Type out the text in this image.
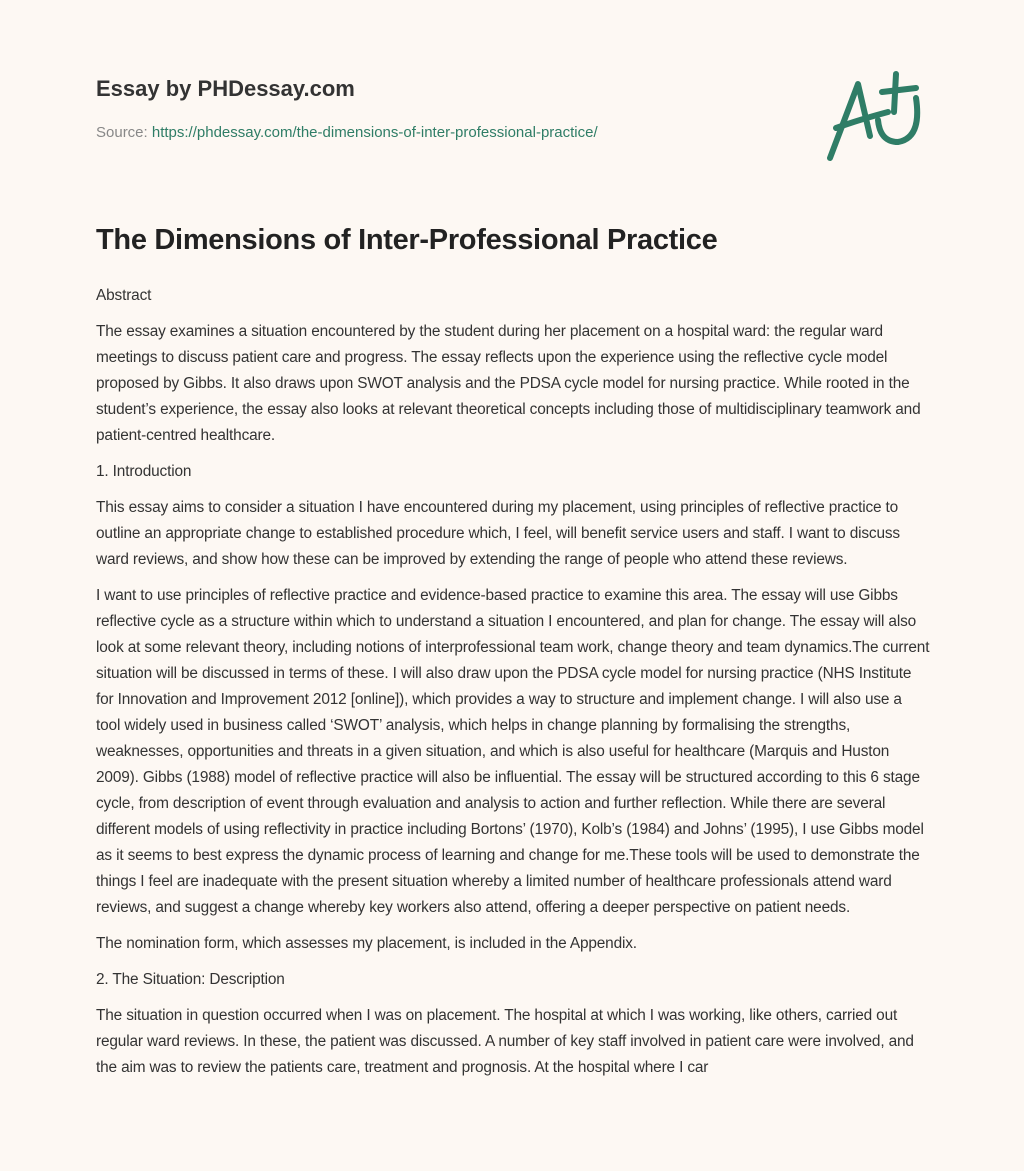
Essay by PHDessay.com
Source: https://phdessay.com/the-dimensions-of-inter-professional-practice/
The Dimensions of Inter-Professional Practice

Abstract

The essay examines a situation encountered by the student during her placement on a hospital ward: the regular ward meetings to discuss patient care and progress. The essay reflects upon the experience using the reflective cycle model proposed by Gibbs. It also draws upon SWOT analysis and the PDSA cycle model for nursing practice. While rooted in the student’s experience, the essay also looks at relevant theoretical concepts including those of multidisciplinary teamwork and patient-centred healthcare.

1. Introduction

This essay aims to consider a situation I have encountered during my placement, using principles of reflective practice to outline an appropriate change to established procedure which, I feel, will benefit service users and staff. I want to discuss ward reviews, and show how these can be improved by extending the range of people who attend these reviews.

I want to use principles of reflective practice and evidence-based practice to examine this area. The essay will use Gibbs reflective cycle as a structure within which to understand a situation I encountered, and plan for change. The essay will also look at some relevant theory, including notions of interprofessional team work, change theory and team dynamics.The current situation will be discussed in terms of these. I will also draw upon the PDSA cycle model for nursing practice (NHS Institute for Innovation and Improvement 2012 [online]), which provides a way to structure and implement change. I will also use a tool widely used in business called ‘SWOT’ analysis, which helps in change planning by formalising the strengths, weaknesses, opportunities and threats in a given situation, and which is also useful for healthcare (Marquis and Huston 2009). Gibbs (1988) model of reflective practice will also be influential. The essay will be structured according to this 6 stage cycle, from description of event through evaluation and analysis to action and further reflection. While there are several different models of using reflectivity in practice including Bortons’ (1970), Kolb’s (1984) and Johns’ (1995), I use Gibbs model as it seems to best express the dynamic process of learning and change for me.These tools will be used to demonstrate the things I feel are inadequate with the present situation whereby a limited number of healthcare professionals attend ward reviews, and suggest a change whereby key workers also attend, offering a deeper perspective on patient needs.

The nomination form, which assesses my placement, is included in the Appendix.

2. The Situation: Description

The situation in question occurred when I was on placement. The hospital at which I was working, like others, carried out regular ward reviews. In these, the patient was discussed. A number of key staff involved in patient care were involved, and the aim was to review the patients care, treatment and prognosis. At the hospital where I car
